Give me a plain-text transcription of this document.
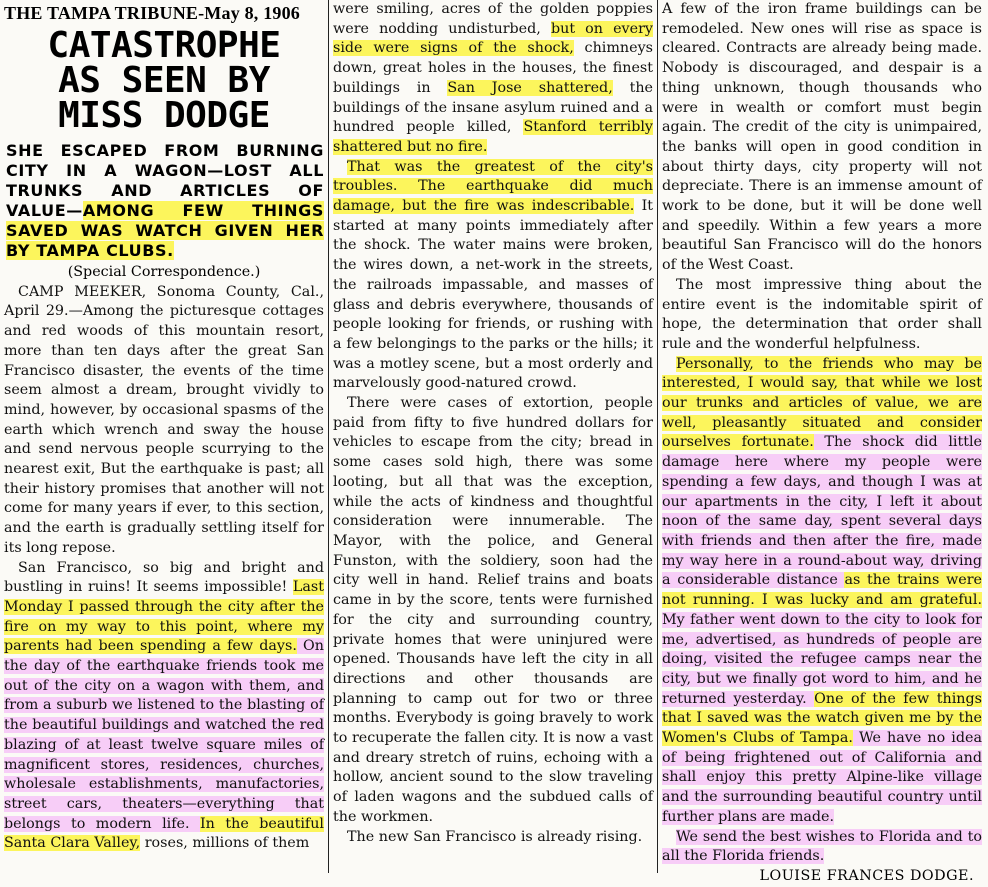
THE TAMPA TRIBUNE-May 8, 1906
CATASTROPHE
AS SEEN BY
MISS DODGE
SHE ESCAPED FROM BURNING CITY IN A WAGON—LOST ALL TRUNKS AND ARTICLES OF VALUE—AMONG FEW THINGS SAVED WAS WATCH GIVEN HER BY TAMPA CLUBS.
(Special Correspondence.)

CAMP MEEKER, Sonoma County, Cal., April 29.—Among the picturesque cottages and red woods of this mountain resort, more than ten days after the great San Francisco disaster, the events of the time seem almost a dream, brought vividly to mind, however, by occasional spasms of the earth which wrench and sway the house and send nervous people scurrying to the nearest exit, But the earthquake is past; all their history promises that another will not come for many years if ever, to this section, and the earth is gradually settling itself for its long repose.

San Francisco, so big and bright and bustling in ruins! It seems impossible! Last Monday I passed through the city after the fire on my way to this point, where my parents had been spending a few days. On the day of the earthquake friends took me out of the city on a wagon with them, and from a suburb we listened to the blasting of the beautiful buildings and watched the red blazing of at least twelve square miles of magnificent stores, residences, churches, wholesale establishments, manufactories, street cars, theaters—everything that belongs to modern life. In the beautiful Santa Clara Valley, roses, millions of them

were smiling, acres of the golden poppies were nodding undisturbed, but on every side were signs of the shock, chimneys down, great holes in the houses, the finest buildings in San Jose shattered, the buildings of the insane asylum ruined and a hundred people killed, Stanford terribly shattered but no fire.

That was the greatest of the city's troubles. The earthquake did much damage, but the fire was indescribable. It started at many points immediately after the shock. The water mains were broken, the wires down, a net-work in the streets, the railroads impassable, and masses of glass and debris everywhere, thousands of people looking for friends, or rushing with a few belongings to the parks or the hills; it was a motley scene, but a most orderly and marvelously good-natured crowd.

There were cases of extortion, people paid from fifty to five hundred dollars for vehicles to escape from the city; bread in some cases sold high, there was some looting, but all that was the exception, while the acts of kindness and thoughtful consideration were innumerable. The Mayor, with the police, and General Funston, with the soldiery, soon had the city well in hand. Relief trains and boats came in by the score, tents were furnished for the city and surrounding country, private homes that were uninjured were opened. Thousands have left the city in all directions and other thousands are planning to camp out for two or three months. Everybody is going bravely to work to recuperate the fallen city. It is now a vast and dreary stretch of ruins, echoing with a hollow, ancient sound to the slow traveling of laden wagons and the subdued calls of the workmen.

The new San Francisco is already rising.

A few of the iron frame buildings can be remodeled. New ones will rise as space is cleared. Contracts are already being made. Nobody is discouraged, and despair is a thing unknown, though thousands who were in wealth or comfort must begin again. The credit of the city is unimpaired, the banks will open in good condition in about thirty days, city property will not depreciate. There is an immense amount of work to be done, but it will be done well and speedily. Within a few years a more beautiful San Francisco will do the honors of the West Coast.

The most impressive thing about the entire event is the indomitable spirit of hope, the determination that order shall rule and the wonderful helpfulness.

Personally, to the friends who may be interested, I would say, that while we lost our trunks and articles of value, we are well, pleasantly situated and consider ourselves fortunate. The shock did little damage here where my people were spending a few days, and though I was at our apartments in the city, I left it about noon of the same day, spent several days with friends and then after the fire, made my way here in a round-about way, driving a considerable distance as the trains were not running. I was lucky and am grateful. My father went down to the city to look for me, advertised, as hundreds of people are doing, visited the refugee camps near the city, but we finally got word to him, and he returned yesterday. One of the few things that I saved was the watch given me by the Women's Clubs of Tampa. We have no idea of being frightened out of California and shall enjoy this pretty Alpine-like village and the surrounding beautiful country until further plans are made.

We send the best wishes to Florida and to all the Florida friends.

LOUISE FRANCES DODGE.
